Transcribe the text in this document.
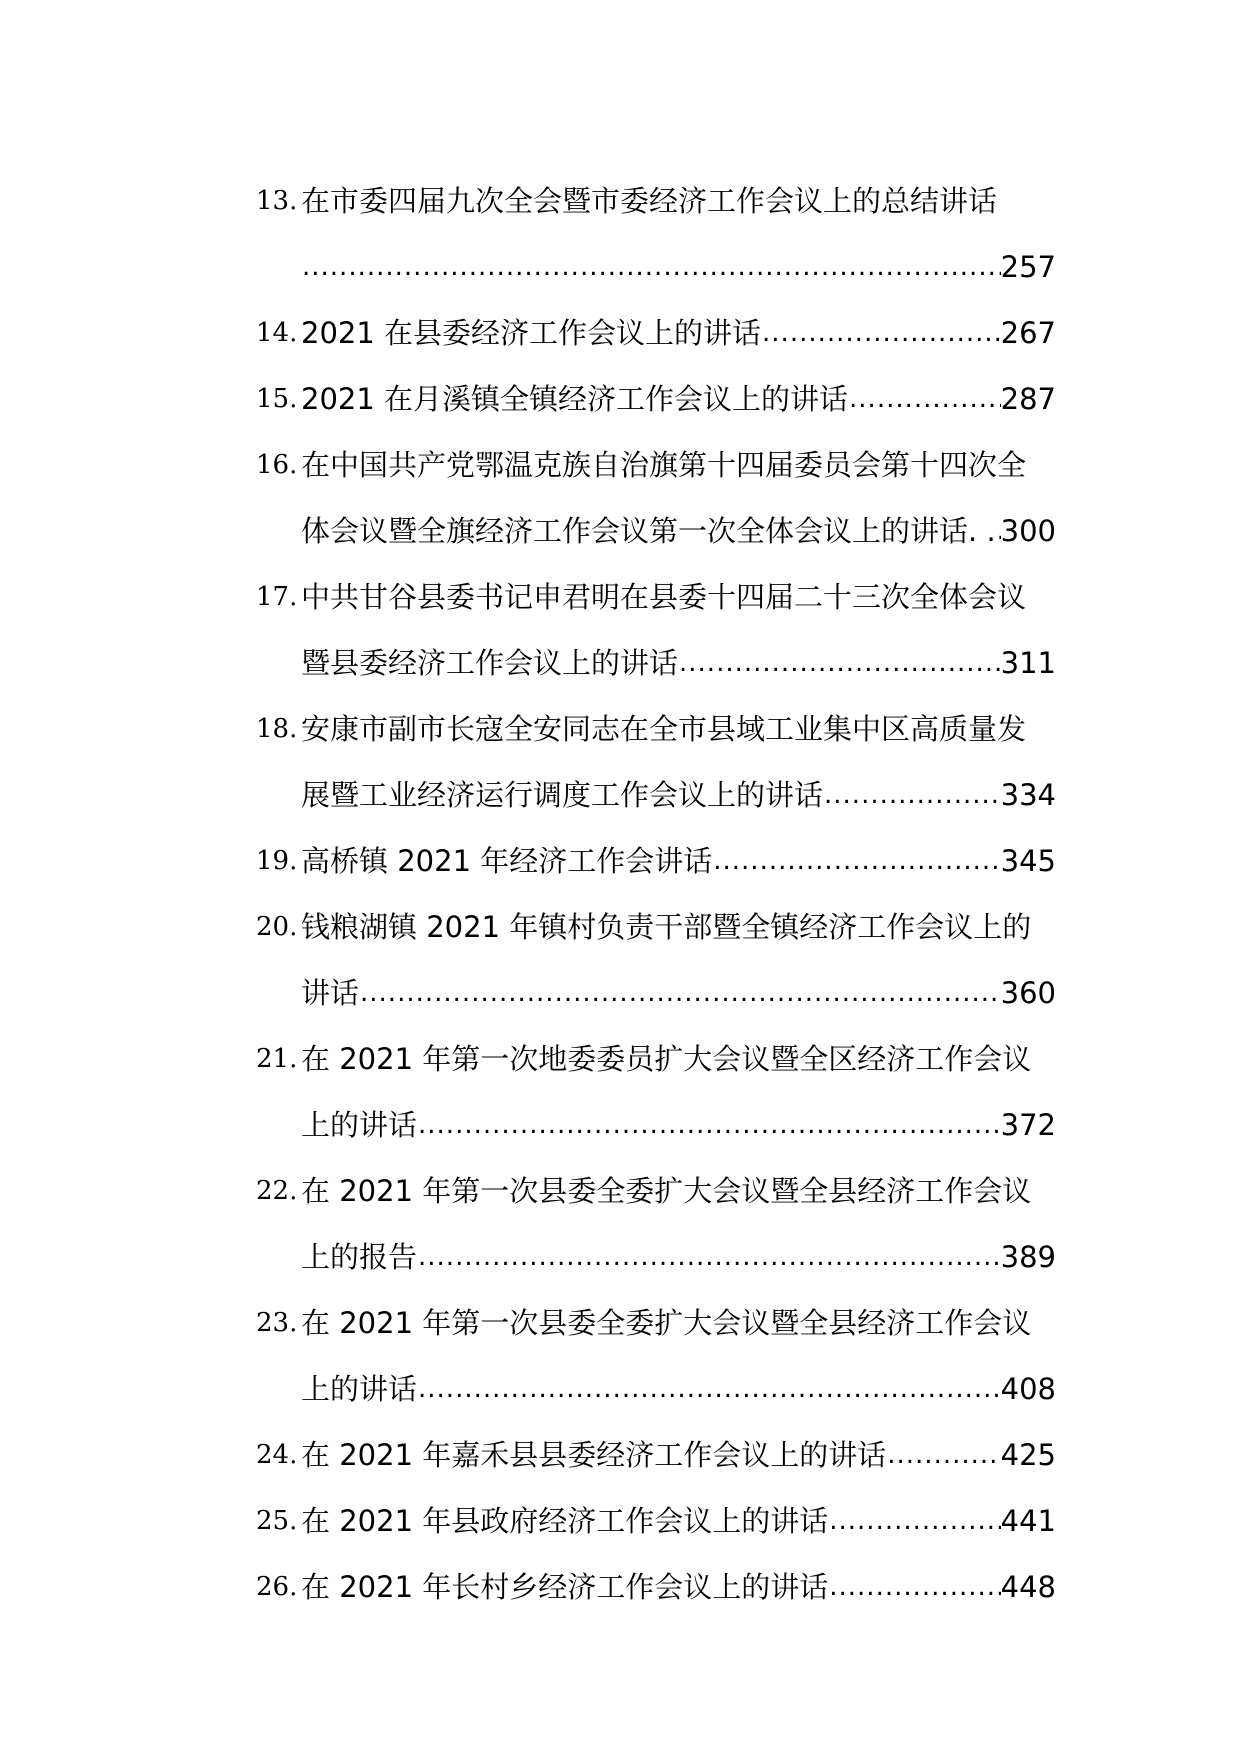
13. 在市委四届九次全会暨市委经济工作会议上的总结讲话
.....
257
14. 2021 在县委经济工作会议上的讲话 .....	267
15. 2021 在月溪镇全镇经济工作会议上的讲话 .....	287
16. 在中国共产党鄂温克族自治旗第十四届委员会第十四次全
体会议暨全旗经济工作会议第一次全体会议上的讲话. . ..... 300
17. 中共甘谷县委书记申君明在县委十四届二十三次全体会议
暨县委经济工作会议上的讲话 .....	311
18. 安康市副市长寇全安同志在全市县域工业集中区高质量发
展暨工业经济运行调度工作会议上的讲话 .....	334
19. 高桥镇 2021 年经济工作会讲话 .....	345
20. 钱粮湖镇 2021 年镇村负责干部暨全镇经济工作会议上的
讲话 .....	360
21. 在 2021 年第一次地委委员扩大会议暨全区经济工作会议
上的讲话 .....	372
22. 在 2021 年第一次县委全委扩大会议暨全县经济工作会议
上的报告 .....	389
23. 在 2021 年第一次县委全委扩大会议暨全县经济工作会议
上的讲话 .....	408
24. 在 2021 年嘉禾县县委经济工作会议上的讲话 .....	425
25. 在 2021 年县政府经济工作会议上的讲话 .....	441
26. 在 2021 年长村乡经济工作会议上的讲话 .....	448
